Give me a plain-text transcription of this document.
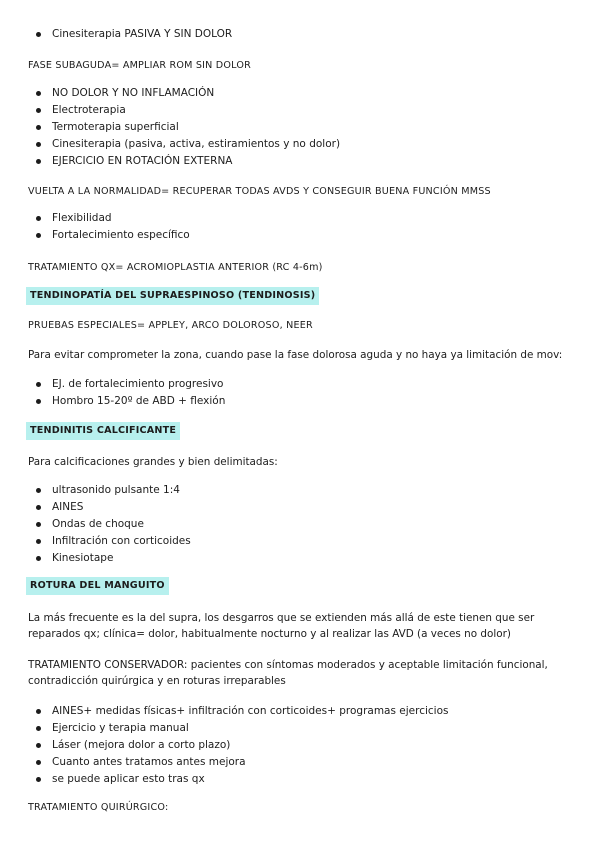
Cinesiterapia PASIVA Y SIN DOLOR
FASE SUBAGUDA= AMPLIAR ROM SIN DOLOR
NO DOLOR Y NO INFLAMACIÓN
Electroterapia
Termoterapia superficial
Cinesiterapia (pasiva, activa, estiramientos y no dolor)
EJERCICIO EN ROTACIÓN EXTERNA
VUELTA A LA NORMALIDAD= RECUPERAR TODAS AVDS Y CONSEGUIR BUENA FUNCIÓN MMSS
Flexibilidad
Fortalecimiento específico
TRATAMIENTO QX= ACROMIOPLASTIA ANTERIOR (RC 4-6m)
TENDINOPATÍA DEL SUPRAESPINOSO (TENDINOSIS)
PRUEBAS ESPECIALES= APPLEY, ARCO DOLOROSO, NEER
Para evitar comprometer la zona, cuando pase la fase dolorosa aguda y no haya ya limitación de mov:
EJ. de fortalecimiento progresivo
Hombro 15-20º de ABD + flexión
TENDINITIS CALCIFICANTE
Para calcificaciones grandes y bien delimitadas:
ultrasonido pulsante 1:4
AINES
Ondas de choque
Infiltración con corticoides
Kinesiotape
ROTURA DEL MANGUITO
La más frecuente es la del supra, los desgarros que se extienden más allá de este tienen que ser reparados qx; clínica= dolor, habitualmente nocturno y al realizar las AVD (a veces no dolor)
TRATAMIENTO CONSERVADOR: pacientes con síntomas moderados y aceptable limitación funcional, contradicción quirúrgica y en roturas irreparables
AINES+ medidas físicas+ infiltración con corticoides+ programas ejercicios
Ejercicio y terapia manual
Láser (mejora dolor a corto plazo)
Cuanto antes tratamos antes mejora
se puede aplicar esto tras qx
TRATAMIENTO QUIRÚRGICO:
